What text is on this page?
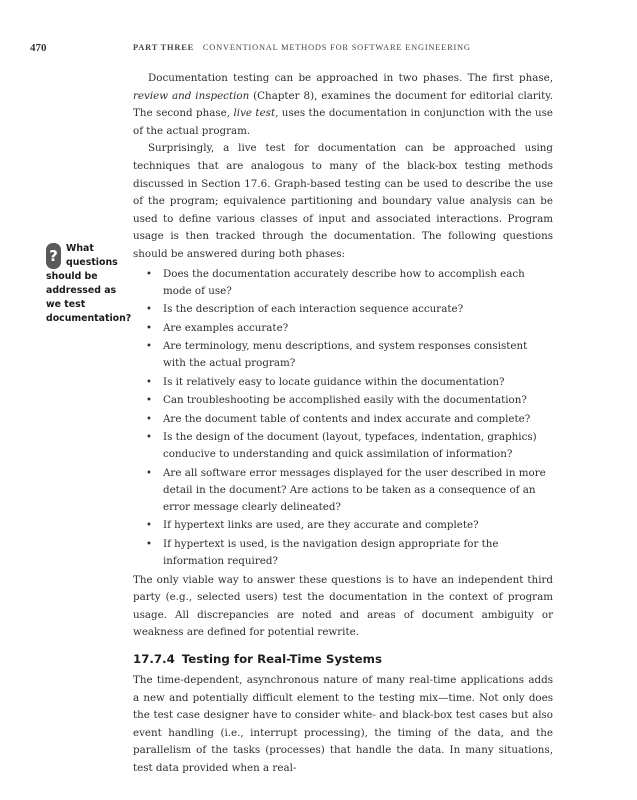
470	PART THREE CONVENTIONAL METHODS FOR SOFTWARE ENGINEERING
? What questions should be addressed as we test documentation?

Documentation testing can be approached in two phases. The first phase, review and inspection (Chapter 8), examines the document for editorial clarity. The second phase, live test, uses the documentation in conjunction with the use of the actual program.

Surprisingly, a live test for documentation can be approached using techniques that are analogous to many of the black-box testing methods discussed in Section 17.6. Graph-based testing can be used to describe the use of the program; equivalence partitioning and boundary value analysis can be used to define various classes of input and associated interactions. Program usage is then tracked through the documentation. The following questions should be answered during both phases:

• Does the documentation accurately describe how to accomplish each mode of use?
• Is the description of each interaction sequence accurate?
• Are examples accurate?
• Are terminology, menu descriptions, and system responses consistent with the actual program?
• Is it relatively easy to locate guidance within the documentation?
• Can troubleshooting be accomplished easily with the documentation?
• Are the document table of contents and index accurate and complete?
• Is the design of the document (layout, typefaces, indentation, graphics) conducive to understanding and quick assimilation of information?
• Are all software error messages displayed for the user described in more detail in the document? Are actions to be taken as a consequence of an error message clearly delineated?
• If hypertext links are used, are they accurate and complete?
• If hypertext is used, is the navigation design appropriate for the information required?

The only viable way to answer these questions is to have an independent third party (e.g., selected users) test the documentation in the context of program usage. All discrepancies are noted and areas of document ambiguity or weakness are defined for potential rewrite.

17.7.4 Testing for Real-Time Systems

The time-dependent, asynchronous nature of many real-time applications adds a new and potentially difficult element to the testing mix—time. Not only does the test case designer have to consider white- and black-box test cases but also event handling (i.e., interrupt processing), the timing of the data, and the parallelism of the tasks (processes) that handle the data. In many situations, test data provided when a real-
